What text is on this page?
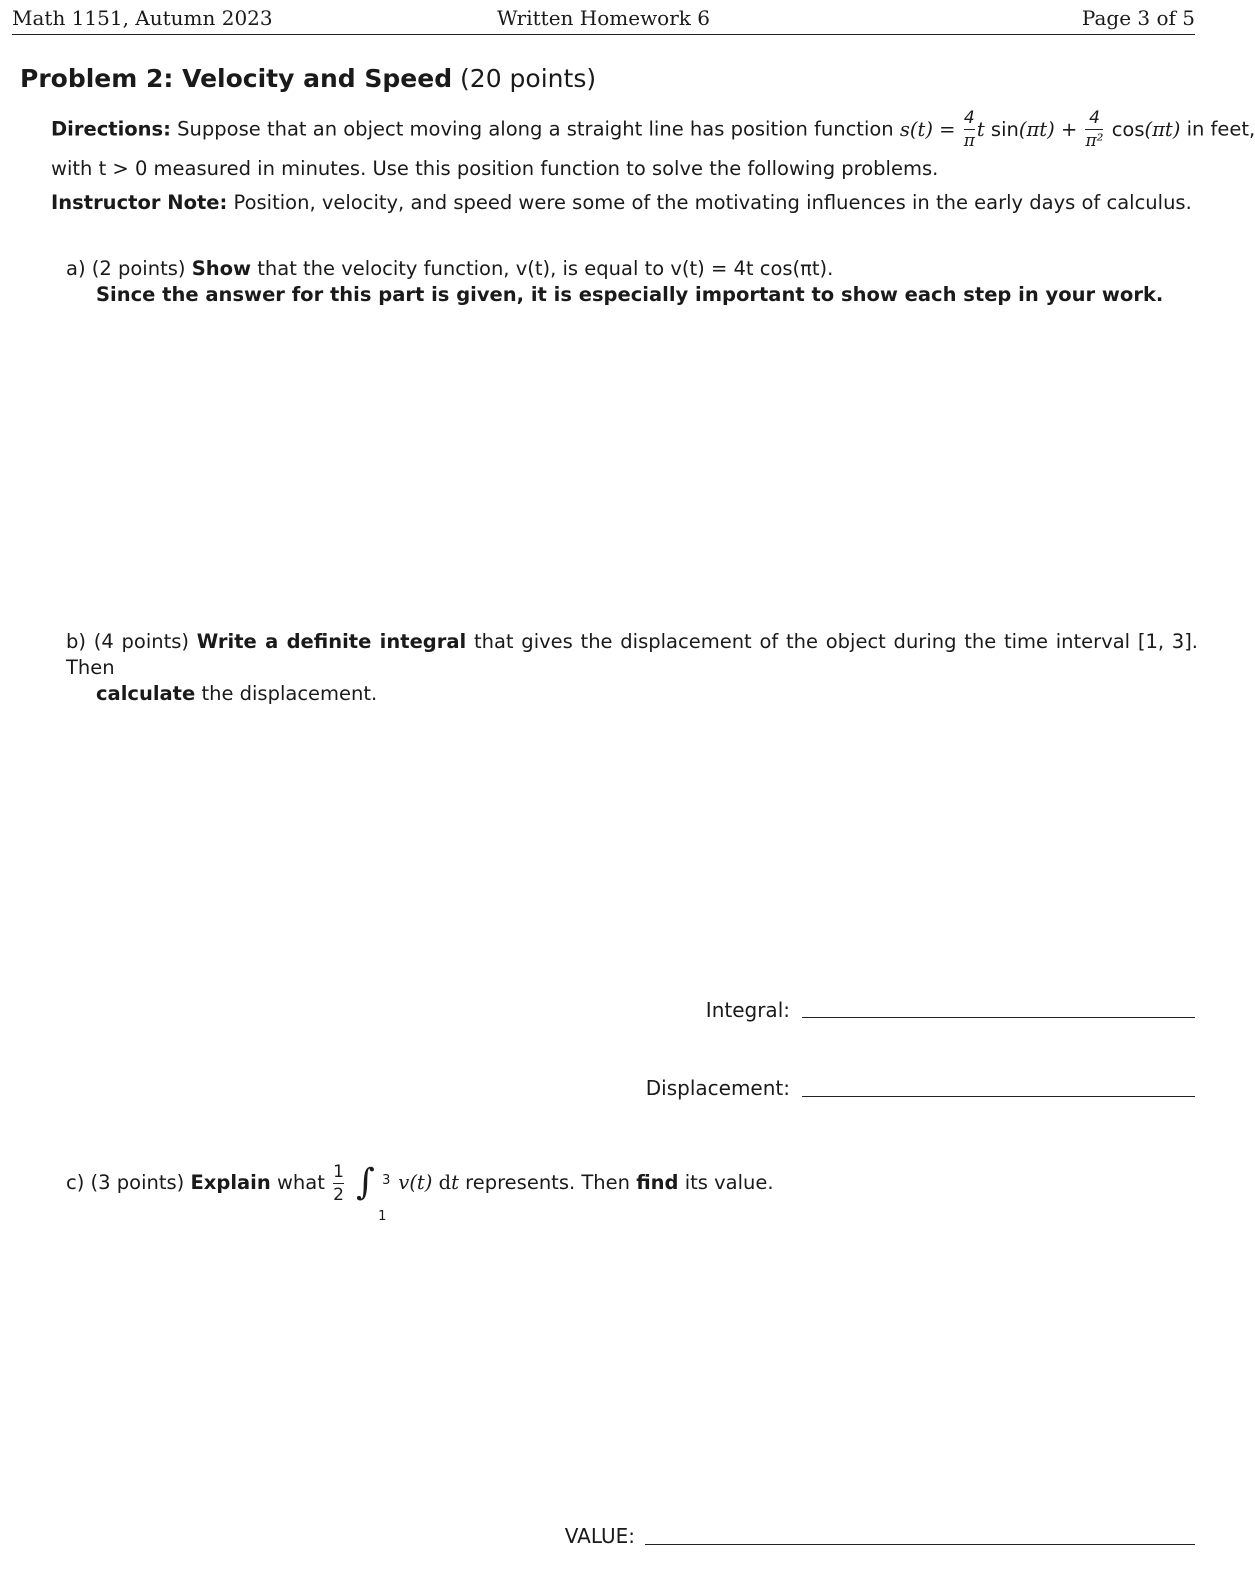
Math 1151, Autumn 2023	Written Homework 6	Page 3 of 5
Problem 2: Velocity and Speed (20 points)
Directions: Suppose that an object moving along a straight line has position function $s(t) = \frac{4}{\pi}$ t $\sin(\pi t) + \frac{4}{\text{π²}} \cos(\pi t)$ in feet,
with t > 0 measured in minutes. Use this position function to solve the following problems.
Instructor Note: Position, velocity, and speed were some of the motivating influences in the early days of calculus.
a) (2 points) Show that the velocity function, v(t), is equal to v(t) = 4t cos(πt).
Since the answer for this part is given, it is especially important to show each step in your work.
b) (4 points) Write a definite integral that gives the displacement of the object during the time interval [1, 3]. Then
calculate the displacement.
Integral:
Displacement:
c) (3 points) Explain what $\frac{1}{2}$
∫ 3
1
v(t) dt represents. Then find its value.
VALUE:
